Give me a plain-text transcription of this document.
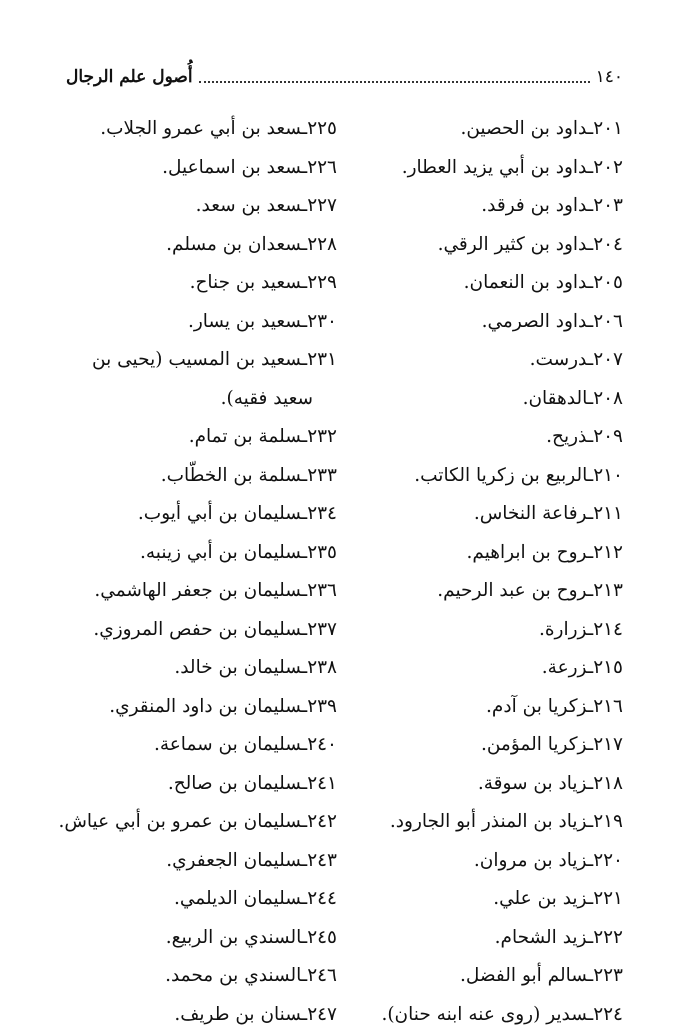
١٤٠
أُصول علم الرجال
٢٠١ـداود بن الحصين.
٢٠٢ـداود بن أبي يزيد العطار.
٢٠٣ـداود بن فرقد.
٢٠٤ـداود بن كثير الرقي.
٢٠٥ـداود بن النعمان.
٢٠٦ـداود الصرمي.
٢٠٧ـدرست.
٢٠٨ـالدهقان.
٢٠٩ـذريح.
٢١٠ـالربيع بن زكريا الكاتب.
٢١١ـرفاعة النخاس.
٢١٢ـروح بن ابراهيم.
٢١٣ـروح بن عبد الرحيم.
٢١٤ـزرارة.
٢١٥ـزرعة.
٢١٦ـزكريا بن آدم.
٢١٧ـزكريا المؤمن.
٢١٨ـزياد بن سوقة.
٢١٩ـزياد بن المنذر أبو الجارود.
٢٢٠ـزياد بن مروان.
٢٢١ـزيد بن علي.
٢٢٢ـزيد الشحام.
٢٢٣ـسالم أبو الفضل.
٢٢٤ـسدير (روى عنه ابنه حنان).
٢٢٥ـسعد بن أبي عمرو الجلاب.
٢٢٦ـسعد بن اسماعيل.
٢٢٧ـسعد بن سعد.
٢٢٨ـسعدان بن مسلم.
٢٢٩ـسعيد بن جناح.
٢٣٠ـسعيد بن يسار.
٢٣١ـسعيد بن المسيب (يحيى بن
سعيد فقيه).
٢٣٢ـسلمة بن تمام.
٢٣٣ـسلمة بن الخطّاب.
٢٣٤ـسليمان بن أبي أيوب.
٢٣٥ـسليمان بن أبي زينبه.
٢٣٦ـسليمان بن جعفر الهاشمي.
٢٣٧ـسليمان بن حفص المروزي.
٢٣٨ـسليمان بن خالد.
٢٣٩ـسليمان بن داود المنقري.
٢٤٠ـسليمان بن سماعة.
٢٤١ـسليمان بن صالح.
٢٤٢ـسليمان بن عمرو بن أبي عياش.
٢٤٣ـسليمان الجعفري.
٢٤٤ـسليمان الديلمي.
٢٤٥ـالسندي بن الربيع.
٢٤٦ـالسندي بن محمد.
٢٤٧ـسنان بن طريف.
